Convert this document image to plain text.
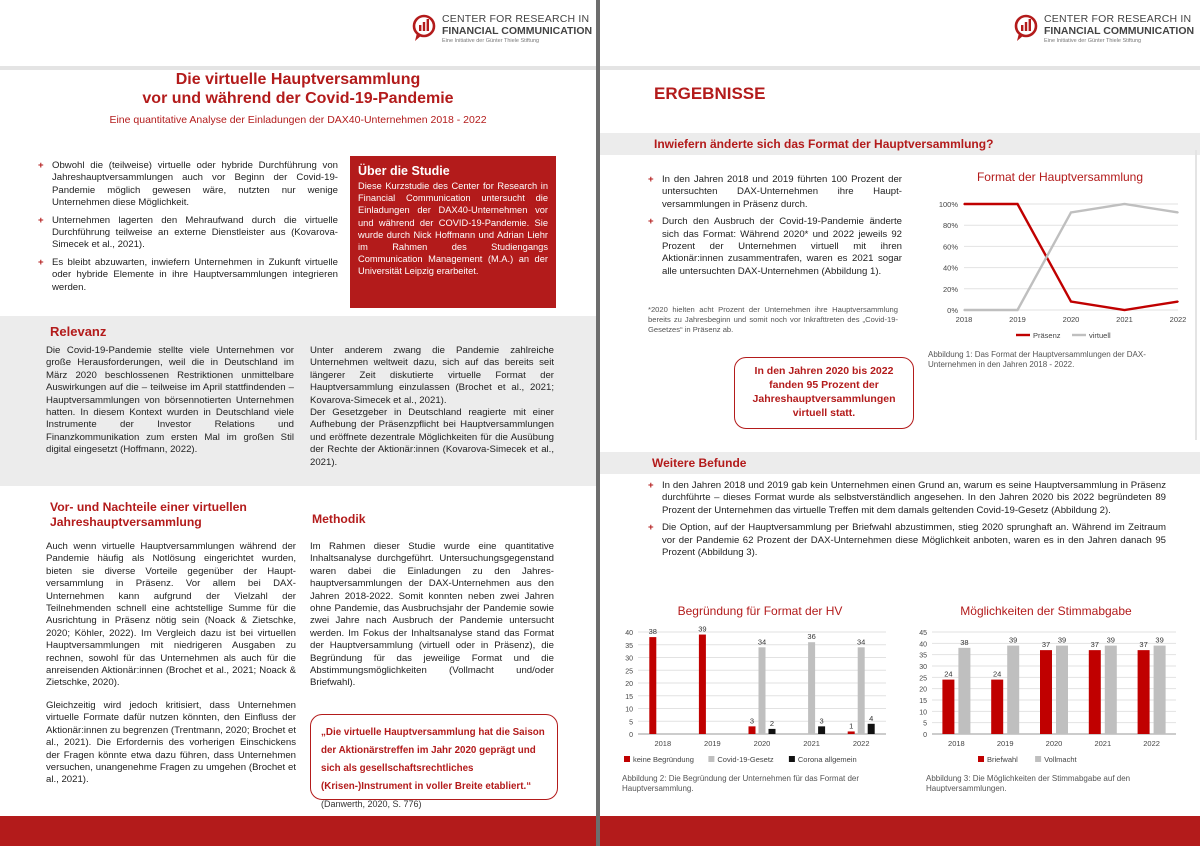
CENTER FOR RESEARCH IN
FINANCIAL COMMUNICATION
Eine Initiative der Günter Thiele Stiftung
Die virtuelle Hauptversammlung
vor und während der Covid-19-Pandemie
Eine quantitative Analyse der Einladungen der DAX40-Unternehmen 2018 - 2022
+ Obwohl die (teilweise) virtuelle oder hybride Durchführung von Jahreshauptversammlungen auch vor Beginn der Covid-19-Pandemie möglich gewesen wäre, nutzten nur wenige Unternehmen diese Möglichkeit.
+ Unternehmen lagerten den Mehraufwand durch die virtuelle Durchführung teilweise an externe Dienstleister aus (Kovarova-Simecek et al., 2021).
+ Es bleibt abzuwarten, inwiefern Unternehmen in Zukunft virtuelle oder hybride Elemente in ihre Hauptversammlungen integrieren werden.
Über die Studie
Diese Kurzstudie des Center for Research in Financial Communication untersucht die Einladungen der DAX40-Unternehmen vor und während der COVID-19-Pandemie. Sie wurde durch Nick Hoffmann und Adrian Liehr im Rahmen des Studiengangs Communication Management (M.A.) an der Universität Leipzig erarbeitet.
Relevanz
Die Covid-19-Pandemie stellte viele Unternehmen vor große Herausforderungen, weil die in Deutschland im März 2020 beschlossenen Restriktionen unmittelbare Auswirkungen auf die – teilweise im April stattfindenden – Hauptversammlungen von börsennotierten Unternehmen hatten. In diesem Kontext wurden in Deutschland viele Instrumente der Investor Relations und Finanzkommunikation zum ersten Mal im großen Stil digital eingesetzt (Hoffmann, 2022).
Unter anderem zwang die Pandemie zahlreiche Unternehmen weltweit dazu, sich auf das bereits seit längerer Zeit diskutierte virtuelle Format der Hauptversammlung einzulassen (Brochet et al., 2021; Kovarova-Simecek et al., 2021).
Der Gesetzgeber in Deutschland reagierte mit einer Aufhebung der Präsenzpflicht bei Hauptversammlungen und eröffnete dezentrale Möglichkeiten für die Ausübung der Rechte der Aktionär:innen (Kovarova-Simecek et al., 2021).
Vor- und Nachteile einer virtuellen
Jahreshauptversammlung
Auch wenn virtuelle Hauptversammlungen während der Pandemie häufig als Notlösung eingerichtet wurden, bieten sie diverse Vorteile gegenüber der Hauptversammlung in Präsenz. Vor allem bei DAX-Unternehmen kann aufgrund der Vielzahl der Teilnehmenden schnell eine achtstellige Summe für die Ausrichtung in Präsenz nötig sein (Noack & Zietschke, 2020; Köhler, 2022). Im Vergleich dazu ist bei virtuellen Hauptversammlungen mit niedrigeren Ausgaben zu rechnen, sowohl für das Unternehmen als auch für die anreisenden Aktionär:innen (Brochet et al., 2021; Noack & Zietschke, 2020).
Gleichzeitig wird jedoch kritisiert, dass Unternehmen virtuelle Formate dafür nutzen könnten, den Einfluss der Aktionär:innen zu begrenzen (Trentmann, 2020; Brochet et al., 2021). Die Erfordernis des vorherigen Einschickens der Fragen könnte etwa dazu führen, dass Unternehmen versuchen, unangenehme Fragen zu umgehen (Brochet et al., 2021).
Methodik
Im Rahmen dieser Studie wurde eine quantitative Inhaltsanalyse durchgeführt. Untersuchungsgegenstand waren dabei die Einladungen zu den Jahreshauptversammlungen der DAX-Unternehmen aus den Jahren 2018-2022. Somit konnten neben zwei Jahren ohne Pandemie, das Ausbruchsjahr der Pandemie sowie zwei Jahre nach Ausbruch der Pandemie untersucht werden. Im Fokus der Inhaltsanalyse stand das Format der Hauptversammlung (virtuell oder in Präsenz), die Begründung für das jeweilige Format und die Abstimmungsmöglichkeiten (Vollmacht und/oder Briefwahl).
„Die virtuelle Hauptversammlung hat die Saison der Aktionärstreffen im Jahr 2020 geprägt und sich als gesellschaftsrechtliches (Krisen-)Instrument in voller Breite etabliert.“ (Danwerth, 2020, S. 776)
CENTER FOR RESEARCH IN
FINANCIAL COMMUNICATION
Eine Initiative der Günter Thiele Stiftung
ERGEBNISSE
Inwiefern änderte sich das Format der Hauptversammlung?
+ In den Jahren 2018 und 2019 führten 100 Prozent der untersuchten DAX-Unternehmen ihre Hauptversammlungen in Präsenz durch.
+ Durch den Ausbruch der Covid-19-Pandemie änderte sich das Format: Während 2020* und 2022 jeweils 92 Prozent der Unternehmen virtuell mit ihren Aktionär:innen zusammentrafen, waren es 2021 sogar alle untersuchten DAX-Unternehmen (Abbildung 1).
*2020 hielten acht Prozent der Unternehmen ihre Hauptversammlung bereits zu Jahresbeginn und somit noch vor Inkrafttreten des „Covid-19-Gesetzes“ in Präsenz ab.
In den Jahren 2020 bis 2022 fanden 95 Prozent der Jahreshauptversammlungen virtuell statt.
Format der Hauptversammlung
0%
20%
40%
60%
80%
100%
2018	2019	2020	2021	2022
Präsenz	virtuell
Abbildung 1: Das Format der Hauptversammlungen der DAX-Unternehmen in den Jahren 2018 - 2022.
Weitere Befunde
+ In den Jahren 2018 und 2019 gab kein Unternehmen einen Grund an, warum es seine Hauptversammlung in Präsenz durchführte – dieses Format wurde als selbstverständlich angesehen. In den Jahren 2020 bis 2022 begründeten 89 Prozent der Unternehmen das virtuelle Treffen mit dem damals geltenden Covid-19-Gesetz (Abbildung 2).
+ Die Option, auf der Hauptversammlung per Briefwahl abzustimmen, stieg 2020 sprunghaft an. Während im Zeitraum vor der Pandemie 62 Prozent der DAX-Unternehmen diese Möglichkeit anboten, waren es in den Jahren danach 95 Prozent (Abbildung 3).
Begründung für Format der HV
0
5
10
15
20
25
30
35
40
2018
38
2019
39
2020
3
34
2
2021
36
3
2022
1
34
4
keine Begründung	Covid-19-Gesetz	Corona allgemein
Abbildung 2: Die Begründung der Unternehmen für das Format der Hauptversammlung.
Möglichkeiten der Stimmabgabe
0
5
10
15
20
25
30
35
40
45
2018
24
38
2019
24
39
2020
37
39
2021
37
39
2022
37
39
Briefwahl	Vollmacht
Abbildung 3: Die Möglichkeiten der Stimmabgabe auf den Hauptversammlungen.
